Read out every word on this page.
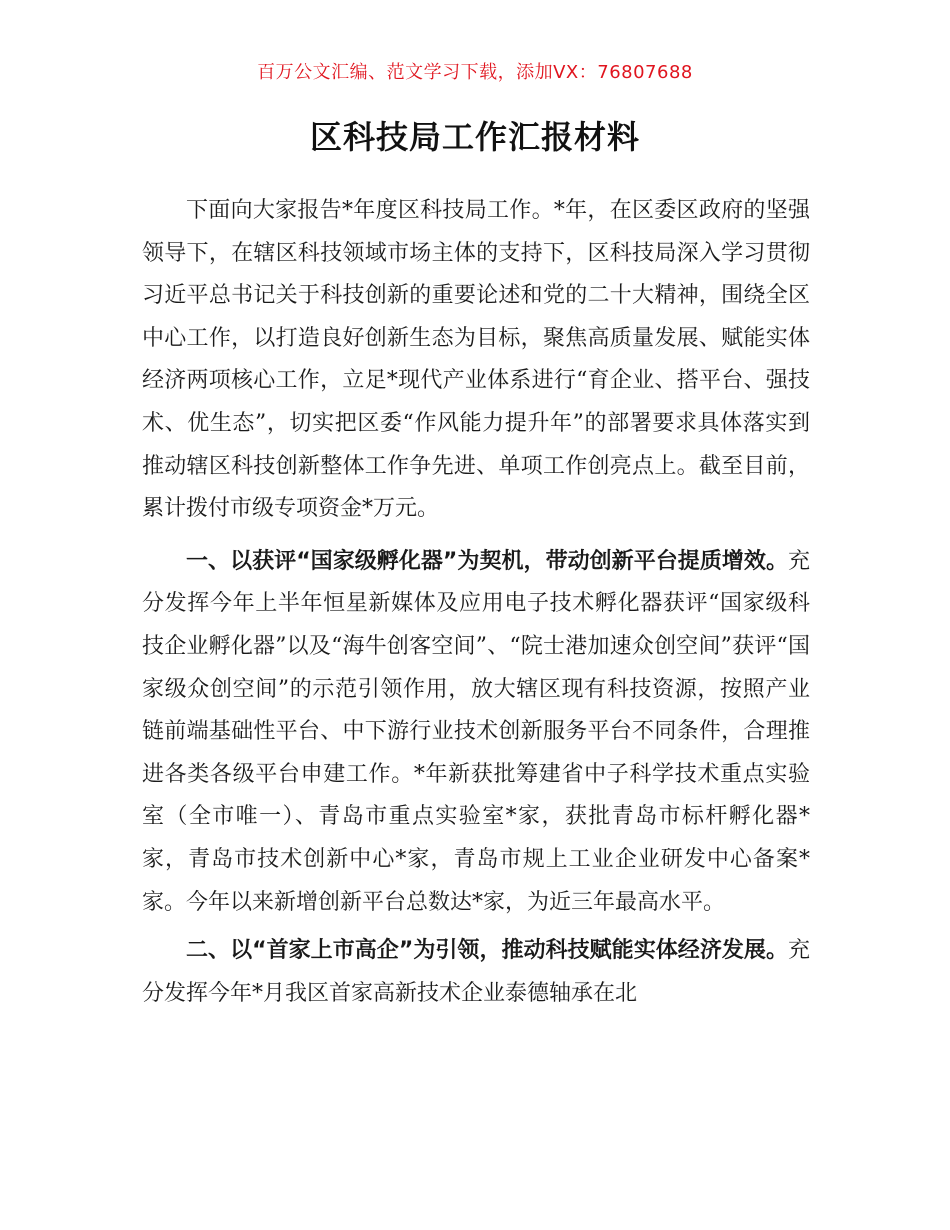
百万公文汇编、范文学习下载，添加VX：76807688
区科技局工作汇报材料

下面向大家报告*年度区科技局工作。*年，在区委区政府的坚强领导下，在辖区科技领域市场主体的支持下，区科技局深入学习贯彻习近平总书记关于科技创新的重要论述和党的二十大精神，围绕全区中心工作，以打造良好创新生态为目标，聚焦高质量发展、赋能实体经济两项核心工作，立足*现代产业体系进行“育企业、搭平台、强技术、优生态”，切实把区委“作风能力提升年”的部署要求具体落实到推动辖区科技创新整体工作争先进、单项工作创亮点上。截至目前，累计拨付市级专项资金*万元。

一、以获评“国家级孵化器”为契机，带动创新平台提质增效。充分发挥今年上半年恒星新媒体及应用电子技术孵化器获评“国家级科技企业孵化器”以及“海牛创客空间”、“院士港加速众创空间”获评“国家级众创空间”的示范引领作用，放大辖区现有科技资源，按照产业链前端基础性平台、中下游行业技术创新服务平台不同条件，合理推进各类各级平台申建工作。*年新获批筹建省中子科学技术重点实验室（全市唯一）、青岛市重点实验室*家，获批青岛市标杆孵化器*家，青岛市技术创新中心*家，青岛市规上工业企业研发中心备案*家。今年以来新增创新平台总数达*家，为近三年最高水平。

二、以“首家上市高企”为引领，推动科技赋能实体经济发展。充分发挥今年*月我区首家高新技术企业泰德轴承在北
